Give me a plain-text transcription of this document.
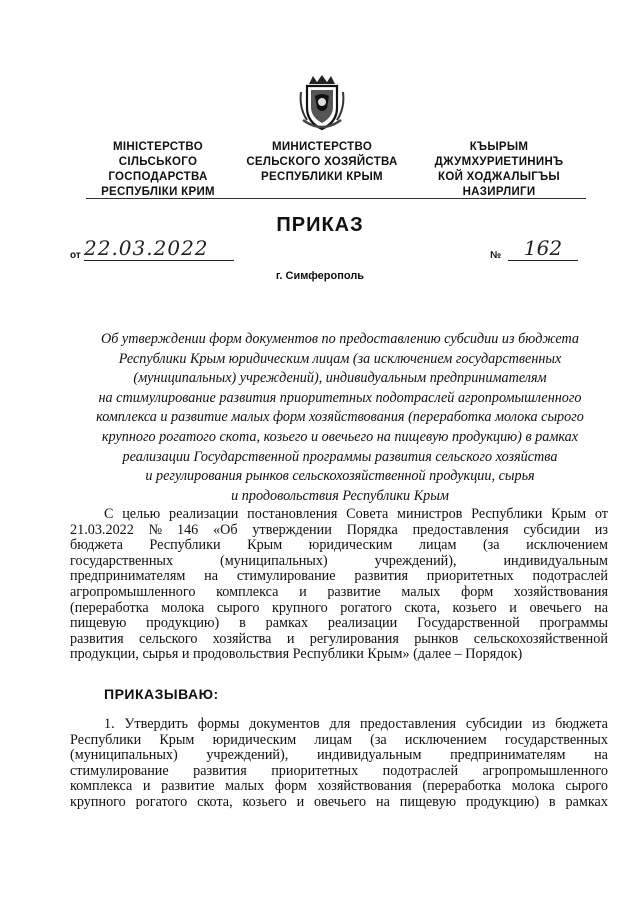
МІНІСТЕРСТВО
СІЛЬСЬКОГО
ГОСПОДАРСТВА
РЕСПУБЛІКИ КРИМ
МИНИСТЕРСТВО
СЕЛЬСКОГО ХОЗЯЙСТВА
РЕСПУБЛИКИ КРЫМ
КЪЫРЫМ
ДЖУМХУРИЕТИНИНЪ
КОЙ ХОДЖАЛЫГЪЫ
НАЗИРЛИГИ
ПРИКАЗ
от 22.03.2022	№	162
г. Симферополь
Об утверждении форм документов по предоставлению субсидии из бюджета
Республики Крым юридическим лицам (за исключением государственных
(муниципальных) учреждений), индивидуальным предпринимателям
на стимулирование развития приоритетных подотраслей агропромышленного
комплекса и развитие малых форм хозяйствования (переработка молока сырого
крупного рогатого скота, козьего и овечьего на пищевую продукцию) в рамках
реализации Государственной программы развития сельского хозяйства
и регулирования рынков сельскохозяйственной продукции, сырья
и продовольствия Республики Крым
С целью реализации постановления Совета министров Республики Крым от
21.03.2022 № 146 «Об утверждении Порядка предоставления субсидии из
бюджета Республики Крым юридическим лицам (за исключением
государственных	(муниципальных)	учреждений),	индивидуальным
предпринимателям на стимулирование развития приоритетных подотраслей
агропромышленного комплекса и развитие малых форм хозяйствования
(переработка молока сырого крупного рогатого скота, козьего и овечьего на
пищевую продукцию) в рамках реализации Государственной программы
развития сельского хозяйства и регулирования рынков сельскохозяйственной
продукции, сырья и продовольствия Республики Крым» (далее – Порядок)
ПРИКАЗЫВАЮ:
1. Утвердить формы документов для предоставления субсидии из бюджета
Республики Крым юридическим лицам (за исключением государственных
(муниципальных) учреждений), индивидуальным предпринимателям на
стимулирование развития приоритетных подотраслей агропромышленного
комплекса и развитие малых форм хозяйствования (переработка молока сырого
крупного рогатого скота, козьего и овечьего на пищевую продукцию) в рамках
